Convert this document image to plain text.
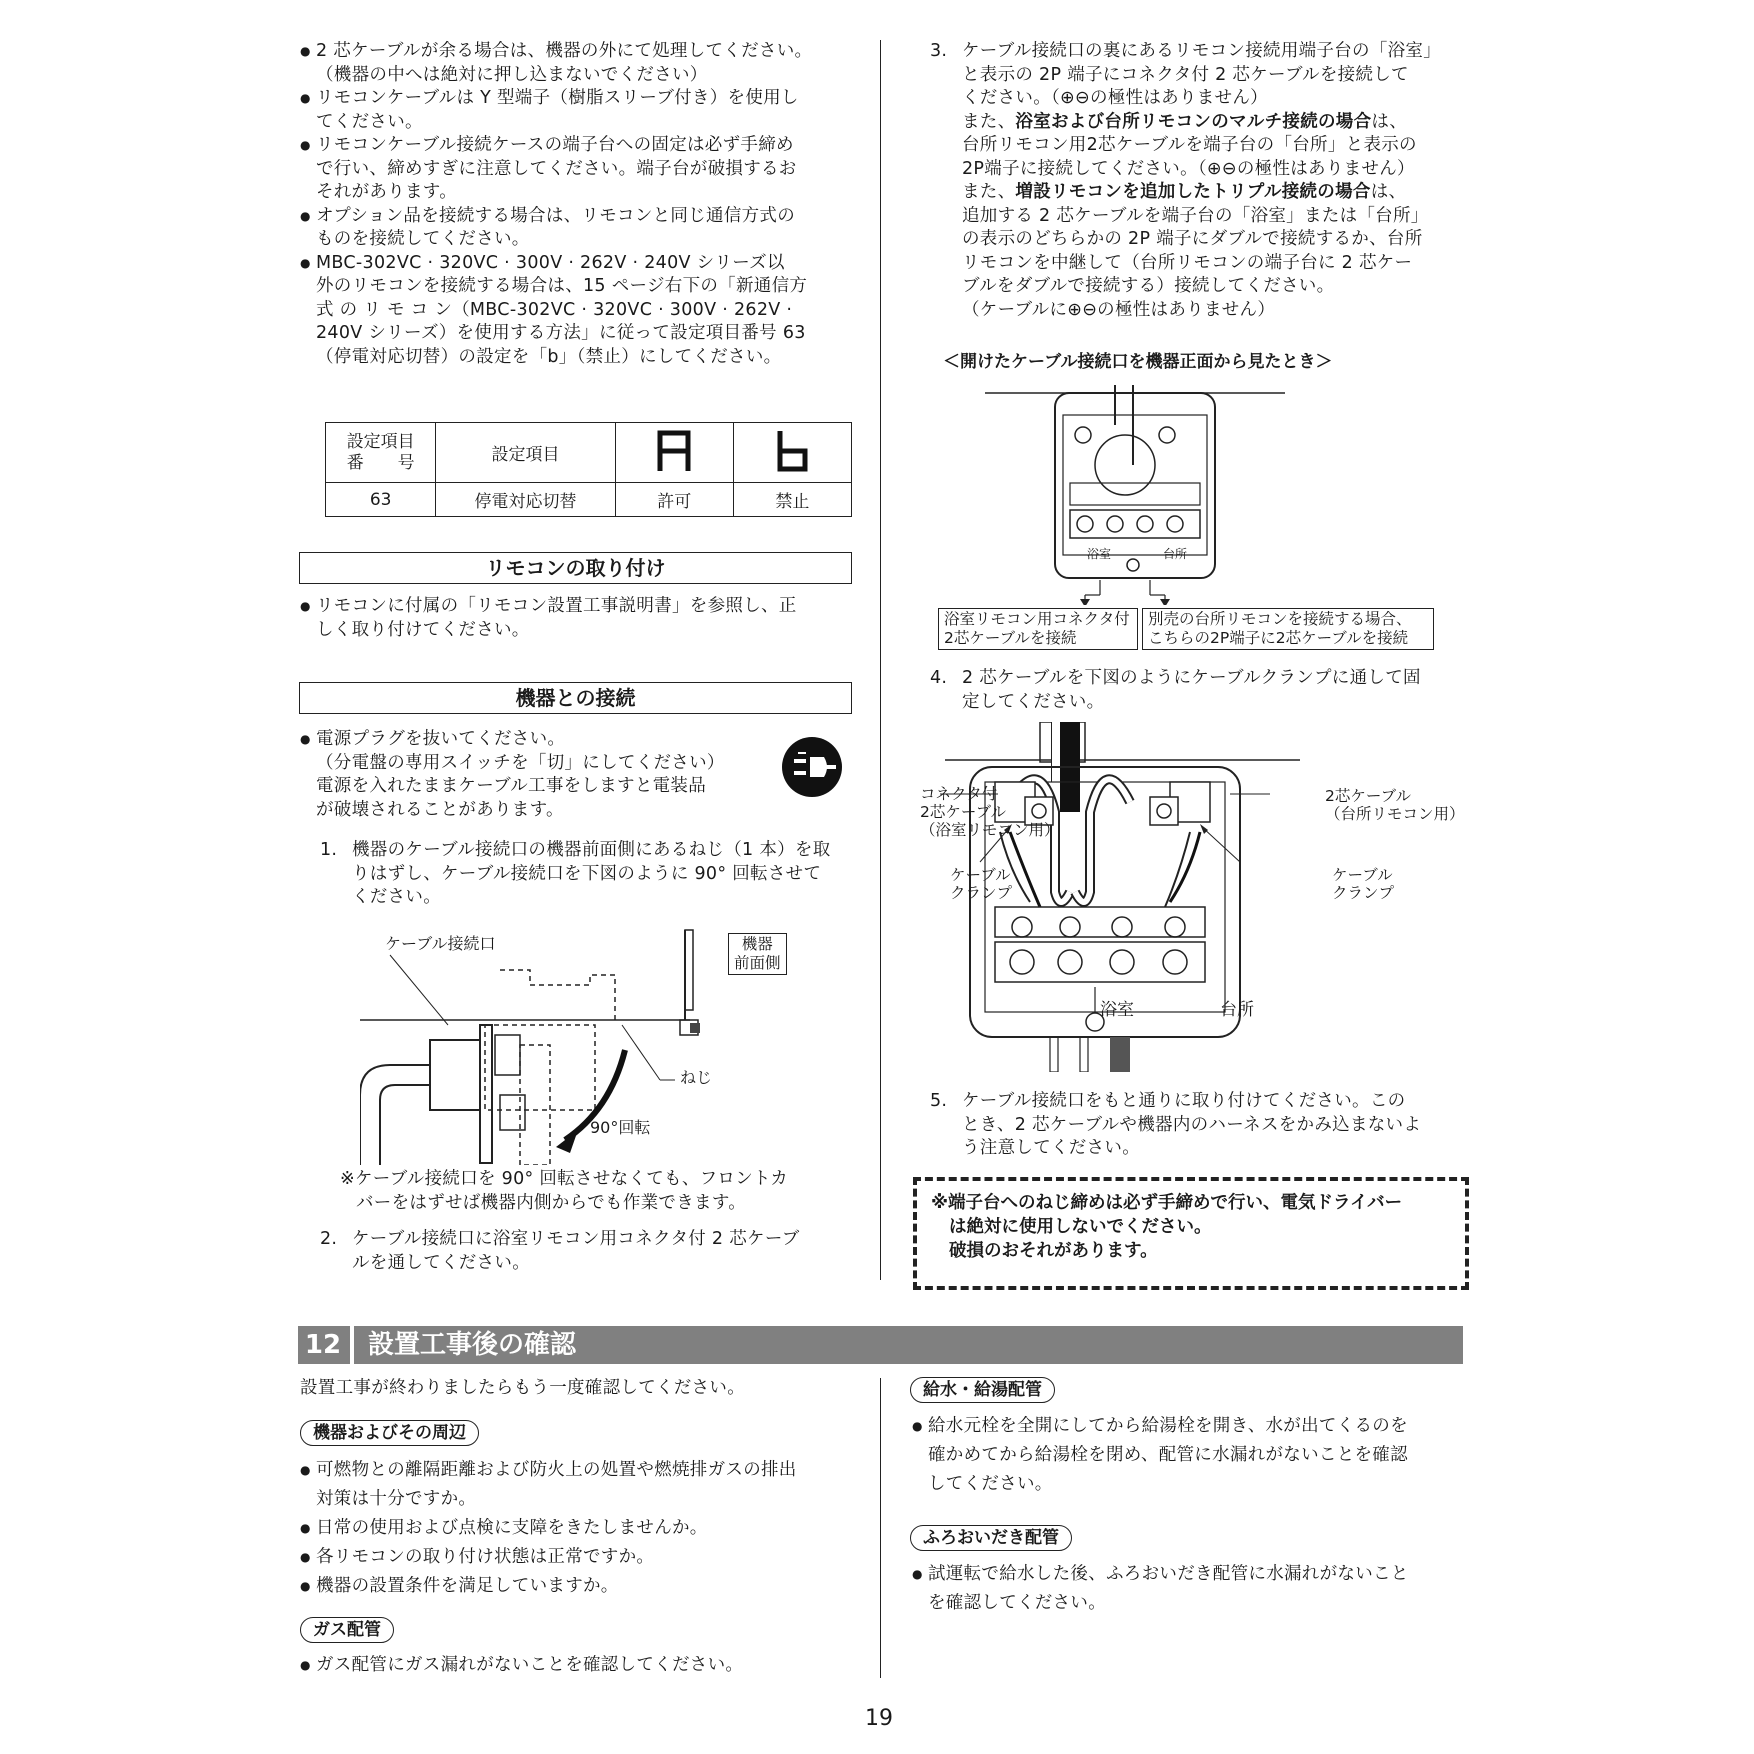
● 2 芯ケーブルが余る場合は、機器の外にて処理してください。
（機器の中へは絶対に押し込まないでください）
● リモコンケーブルは Y 型端子（樹脂スリーブ付き）を使用し
てください。
● リモコンケーブル接続ケースの端子台への固定は必ず手締め
で行い、締めすぎに注意してください。端子台が破損するお
それがあります。
● オプション品を接続する場合は、リモコンと同じ通信方式の
ものを接続してください。
● MBC-302VC · 320VC · 300V · 262V · 240V シリーズ以
外のリモコンを接続する場合は、15 ページ右下の「新通信方
式 の リ モ コ ン（MBC-302VC · 320VC · 300V · 262V ·
240V シリーズ）を使用する方法」に従って設定項目番号 63
（停電対応切替）の設定を「b」（禁止）にしてください。
設定項目
番　　号	設定項目		
63	停電対応切替	許可	禁止
リモコンの取り付け
● リモコンに付属の「リモコン設置工事説明書」を参照し、正
しく取り付けてください。
機器との接続
● 電源プラグを抜いてください。
（分電盤の専用スイッチを「切」にしてください）
電源を入れたままケーブル工事をしますと電装品
が破壊されることがあります。
1. 機器のケーブル接続口の機器前面側にあるねじ（1 本）を取
りはずし、ケーブル接続口を下図のように 90° 回転させて
ください。
ケーブル接続口	機器
前面側
ねじ
90°回転
※ケーブル接続口を 90° 回転させなくても、フロントカ
バーをはずせば機器内側からでも作業できます。
2. ケーブル接続口に浴室リモコン用コネクタ付 2 芯ケーブ
ルを通してください。
3. ケーブル接続口の裏にあるリモコン接続用端子台の「浴室」
と表示の 2P 端子にコネクタ付 2 芯ケーブルを接続して
ください。（⊕⊖の極性はありません）
また、浴室および台所リモコンのマルチ接続の場合は、
台所リモコン用2芯ケーブルを端子台の「台所」と表示の
2P端子に接続してください。（⊕⊖の極性はありません）
また、増設リモコンを追加したトリプル接続の場合は、
追加する 2 芯ケーブルを端子台の「浴室」または「台所」
の表示のどちらかの 2P 端子にダブルで接続するか、台所
リモコンを中継して（台所リモコンの端子台に 2 芯ケー
ブルをダブルで接続する）接続してください。
（ケーブルに⊕⊖の極性はありません）
＜開けたケーブル接続口を機器正面から見たとき＞
浴室	台所
浴室リモコン用コネクタ付
2芯ケーブルを接続
別売の台所リモコンを接続する場合、
こちらの2P端子に2芯ケーブルを接続
4. 2 芯ケーブルを下図のようにケーブルクランプに通して固
定してください。
コネクタ付
2芯ケーブル
（浴室リモコン用）
2芯ケーブル
（台所リモコン用）
ケーブル
クランプ
ケーブル
クランプ
浴室	台所
5. ケーブル接続口をもと通りに取り付けてください。この
とき、2 芯ケーブルや機器内のハーネスをかみ込まないよ
う注意してください。
※端子台へのねじ締めは必ず手締めで行い、電気ドライバー
は絶対に使用しないでください。
破損のおそれがあります。
12 設置工事後の確認
設置工事が終わりましたらもう一度確認してください。
機器およびその周辺
● 可燃物との離隔距離および防火上の処置や燃焼排ガスの排出
対策は十分ですか。
● 日常の使用および点検に支障をきたしませんか。
● 各リモコンの取り付け状態は正常ですか。
● 機器の設置条件を満足していますか。
ガス配管
● ガス配管にガス漏れがないことを確認してください。
給水・給湯配管
● 給水元栓を全開にしてから給湯栓を開き、水が出てくるのを
確かめてから給湯栓を閉め、配管に水漏れがないことを確認
してください。
ふろおいだき配管
● 試運転で給水した後、ふろおいだき配管に水漏れがないこと
を確認してください。
19
